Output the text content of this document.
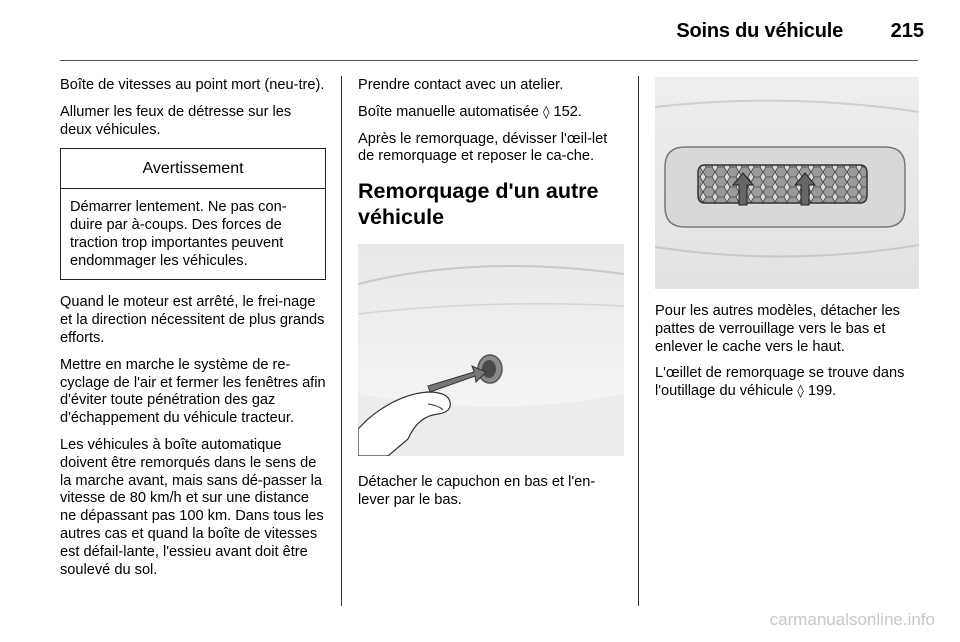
Soins du véhicule	215

Boîte de vitesses au point mort (neu-tre).

Allumer les feux de détresse sur les deux véhicules.

Avertissement
Démarrer lentement. Ne pas con-duire par à-coups. Des forces de traction trop importantes peuvent endommager les véhicules.

Quand le moteur est arrêté, le frei-nage et la direction nécessitent de plus grands efforts.

Mettre en marche le système de re-cyclage de l'air et fermer les fenêtres afin d'éviter toute pénétration des gaz d'échappement du véhicule tracteur.

Les véhicules à boîte automatique doivent être remorqués dans le sens de la marche avant, mais sans dé-passer la vitesse de 80 km/h et sur une distance ne dépassant pas 100 km. Dans tous les autres cas et quand la boîte de vitesses est défail-lante, l'essieu avant doit être soulevé du sol.

Prendre contact avec un atelier.

Boîte manuelle automatisée ◊ 152.

Après le remorquage, dévisser l'œil-let de remorquage et reposer le ca-che.

Remorquage d'un autre véhicule

Détacher le capuchon en bas et l'en-lever par le bas.

Pour les autres modèles, détacher les pattes de verrouillage vers le bas et enlever le cache vers le haut.

L'œillet de remorquage se trouve dans l'outillage du véhicule ◊ 199.

carmanualsonline.info
